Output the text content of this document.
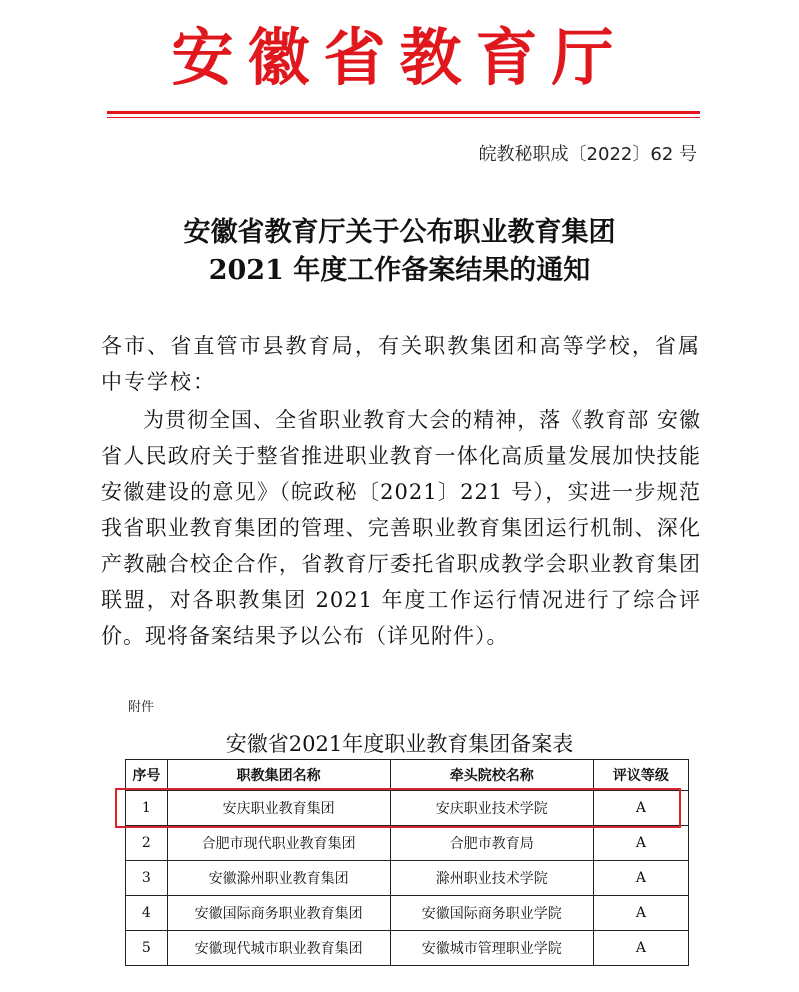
安徽省教育厅
皖教秘职成〔2022〕62 号
安徽省教育厅关于公布职业教育集团
2021 年度工作备案结果的通知

各市、省直管市县教育局，有关职教集团和高等学校，省属中专学校：

为贯彻全国、全省职业教育大会的精神，落《教育部 安徽省人民政府关于整省推进职业教育一体化高质量发展加快技能安徽建设的意见》（皖政秘〔2021〕221 号），实进一步规范我省职业教育集团的管理、完善职业教育集团运行机制、深化产教融合校企合作，省教育厅委托省职成教学会职业教育集团联盟，对各职教集团 2021 年度工作运行情况进行了综合评价。现将备案结果予以公布（详见附件）。

附件
安徽省2021年度职业教育集团备案表
序号	职教集团名称	牵头院校名称	评议等级
1	安庆职业教育集团	安庆职业技术学院	A
2	合肥市现代职业教育集团	合肥市教育局	A
3	安徽滁州职业教育集团	滁州职业技术学院	A
4	安徽国际商务职业教育集团	安徽国际商务职业学院	A
5	安徽现代城市职业教育集团	安徽城市管理职业学院	A
